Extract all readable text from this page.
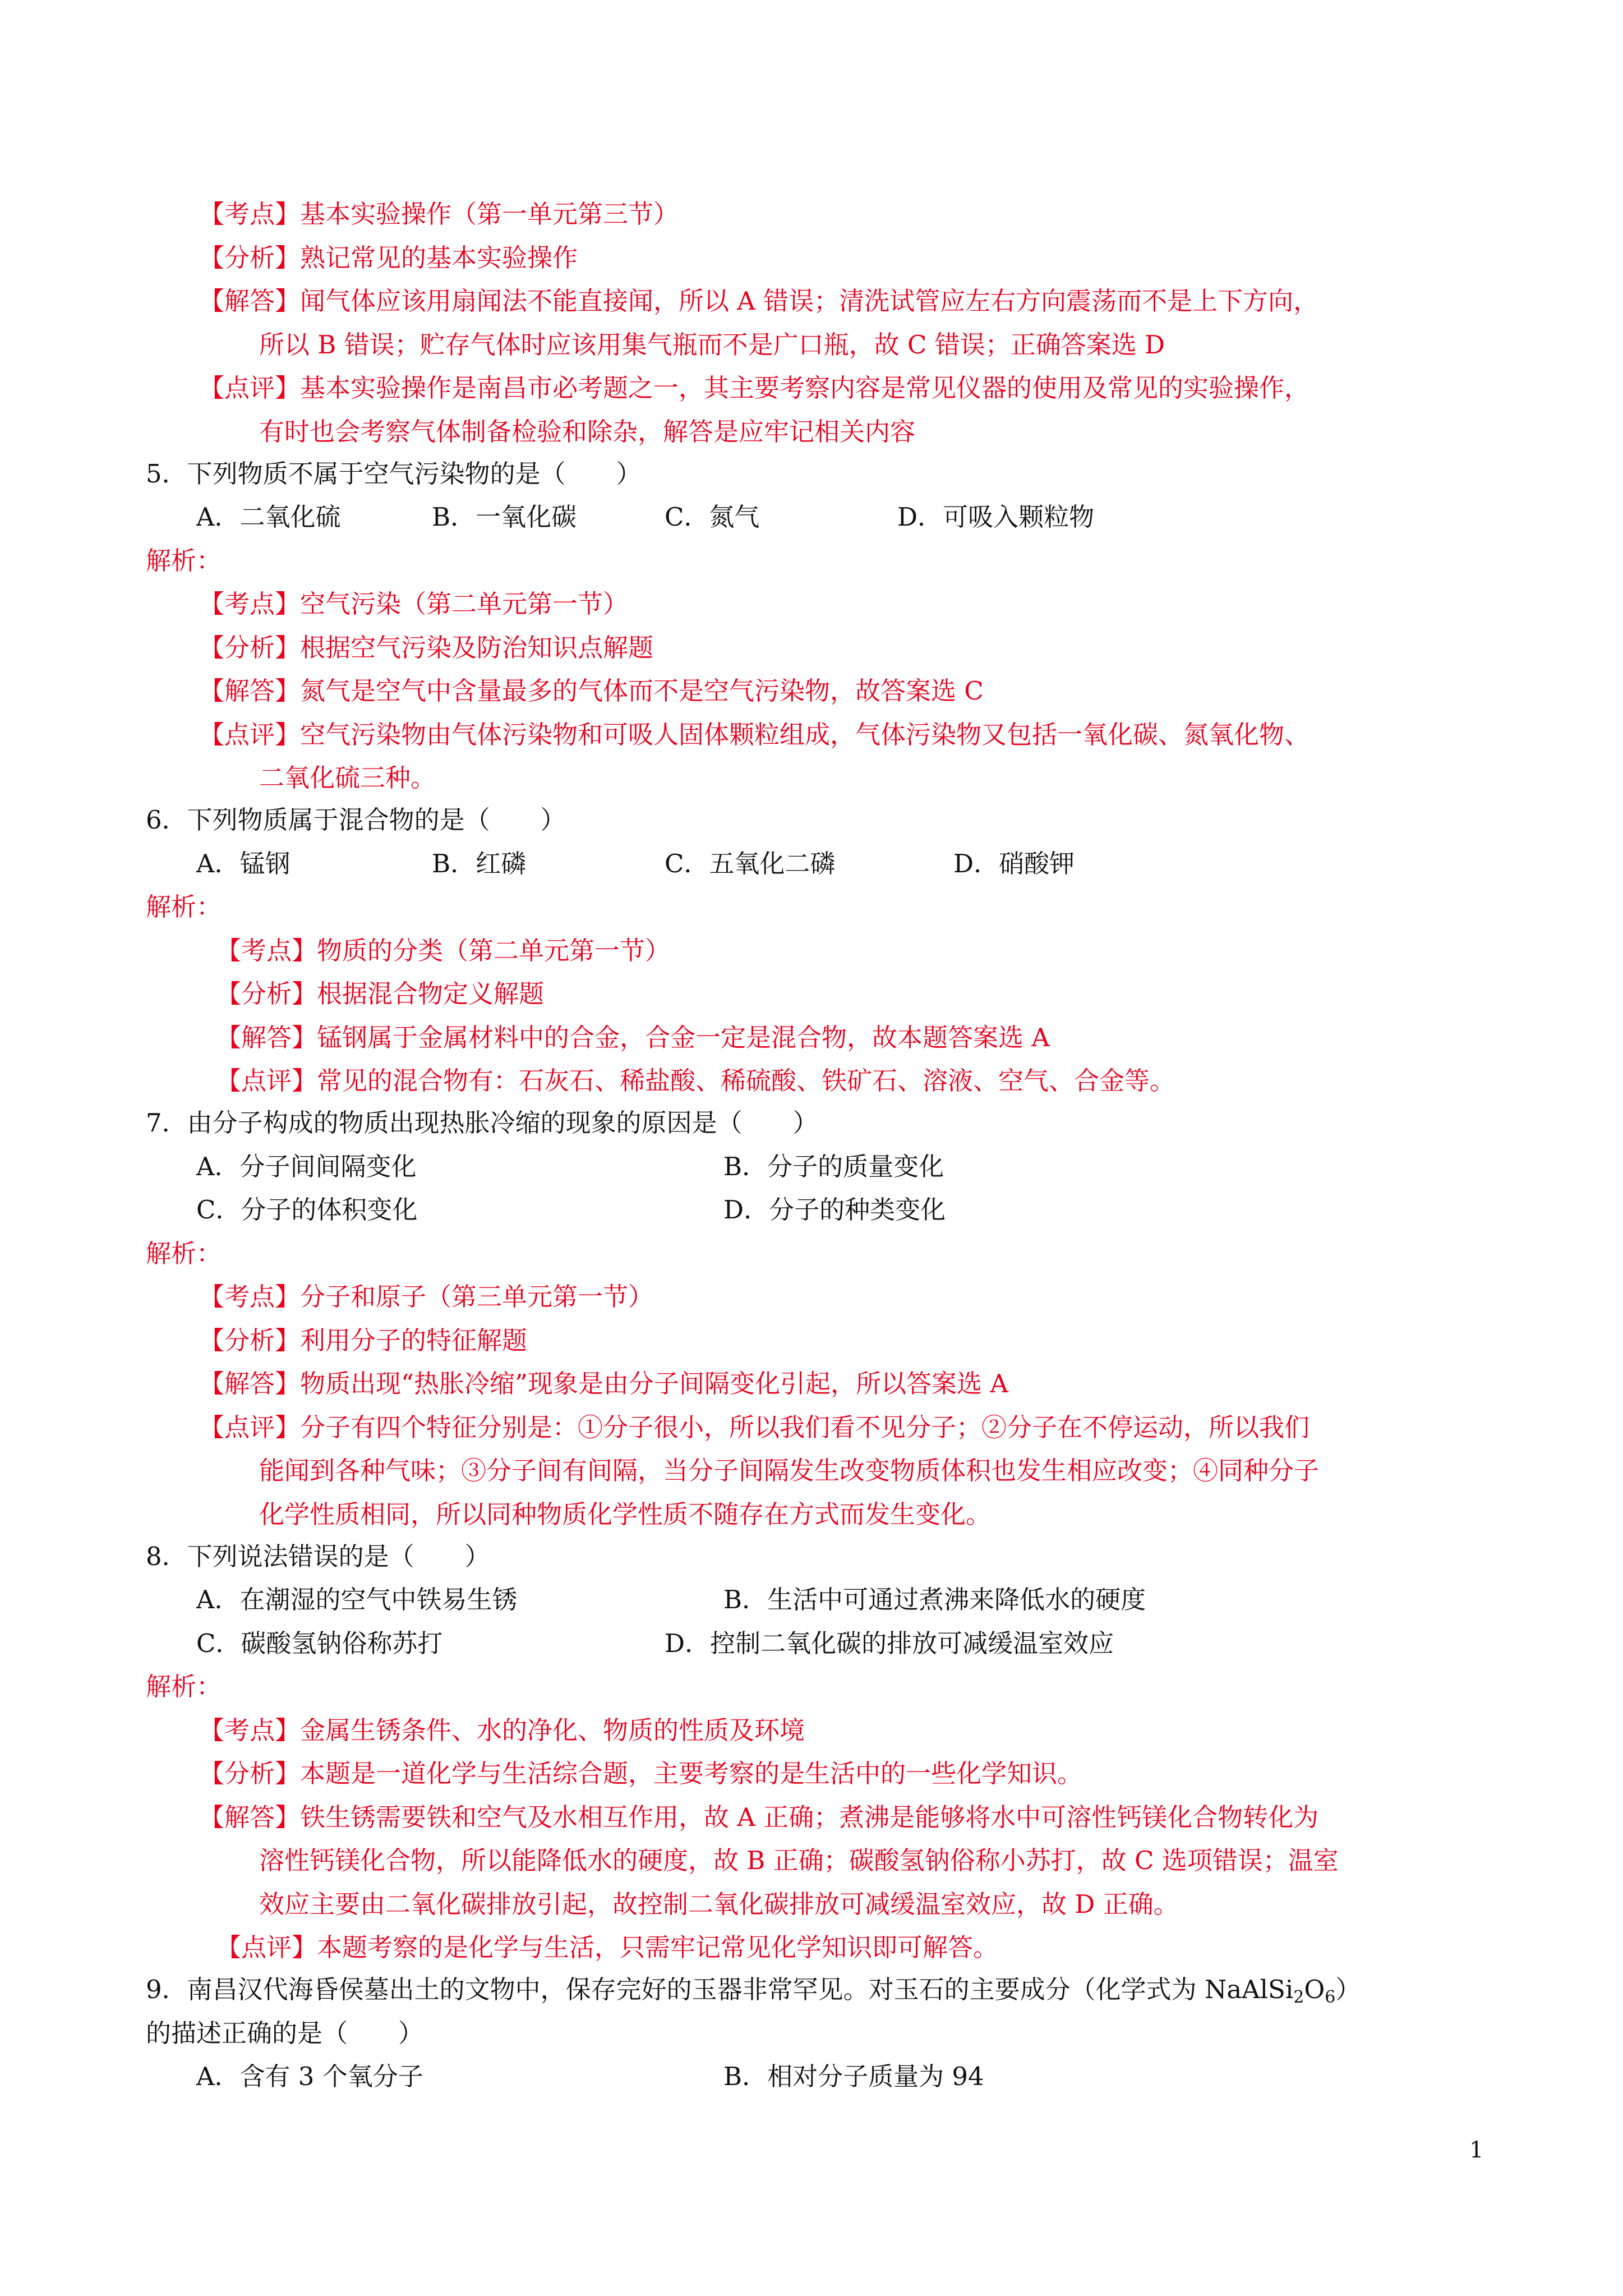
【考点】基本实验操作（第一单元第三节）
【分析】熟记常见的基本实验操作
【解答】闻气体应该用扇闻法不能直接闻，所以 A 错误；清洗试管应左右方向震荡而不是上下方向，
所以 B 错误；贮存气体时应该用集气瓶而不是广口瓶，故 C 错误；正确答案选 D
【点评】基本实验操作是南昌市必考题之一，其主要考察内容是常见仪器的使用及常见的实验操作，
有时也会考察气体制备检验和除杂，解答是应牢记相关内容
5．下列物质不属于空气污染物的是（　　）
A．二氧化硫	B．一氧化碳	C．氮气	D．可吸入颗粒物
解析：
【考点】空气污染（第二单元第一节）
【分析】根据空气污染及防治知识点解题
【解答】氮气是空气中含量最多的气体而不是空气污染物，故答案选 C
【点评】空气污染物由气体污染物和可吸人固体颗粒组成，气体污染物又包括一氧化碳、氮氧化物、
二氧化硫三种。
6．下列物质属于混合物的是（　　）
A．锰钢	B．红磷	C．五氧化二磷	D．硝酸钾
解析：
【考点】物质的分类（第二单元第一节）
【分析】根据混合物定义解题
【解答】锰钢属于金属材料中的合金，合金一定是混合物，故本题答案选 A
【点评】常见的混合物有：石灰石、稀盐酸、稀硫酸、铁矿石、溶液、空气、合金等。
7．由分子构成的物质出现热胀冷缩的现象的原因是（　　）
A．分子间间隔变化	B．分子的质量变化
C．分子的体积变化	D．分子的种类变化
解析：
【考点】分子和原子（第三单元第一节）
【分析】利用分子的特征解题
【解答】物质出现“热胀冷缩”现象是由分子间隔变化引起，所以答案选 A
【点评】分子有四个特征分别是：①分子很小，所以我们看不见分子；②分子在不停运动，所以我们
能闻到各种气味；③分子间有间隔，当分子间隔发生改变物质体积也发生相应改变；④同种分子
化学性质相同，所以同种物质化学性质不随存在方式而发生变化。
8．下列说法错误的是（　　）
A．在潮湿的空气中铁易生锈	B．生活中可通过煮沸来降低水的硬度
C．碳酸氢钠俗称苏打	D．控制二氧化碳的排放可减缓温室效应
解析：
【考点】金属生锈条件、水的净化、物质的性质及环境
【分析】本题是一道化学与生活综合题，主要考察的是生活中的一些化学知识。
【解答】铁生锈需要铁和空气及水相互作用，故 A 正确；煮沸是能够将水中可溶性钙镁化合物转化为
溶性钙镁化合物，所以能降低水的硬度，故 B 正确；碳酸氢钠俗称小苏打，故 C 选项错误；温室
效应主要由二氧化碳排放引起，故控制二氧化碳排放可减缓温室效应，故 D 正确。
【点评】本题考察的是化学与生活，只需牢记常见化学知识即可解答。
9．南昌汉代海昏侯墓出土的文物中，保存完好的玉器非常罕见。对玉石的主要成分（化学式为 $NaAlSi_2O_6$）
的描述正确的是（　　）
A．含有 3 个氧分子	B．相对分子质量为 94
1
